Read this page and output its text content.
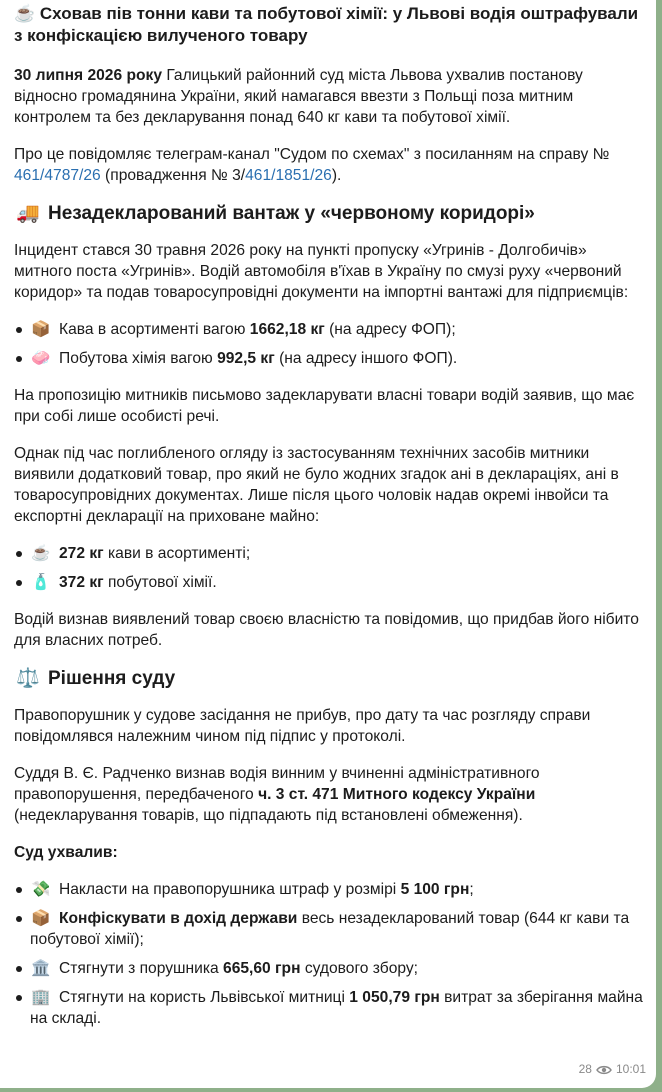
☕ Сховав пів тонни кави та побутової хімії: у Львові водія оштрафували з конфіскацією вилученого товару

30 липня 2026 року Галицький районний суд міста Львова ухвалив постанову відносно громадянина України, який намагався ввезти з Польщі поза митним контролем та без декларування понад 640 кг кави та побутової хімії.

Про це повідомляє телеграм-канал "Судом по схемах" з посиланням на справу № 461/4787/26 (провадження № 3/461/1851/26).

🚚 Незадекларований вантаж у «червоному коридорі»

Інцидент стався 30 травня 2026 року на пункті пропуску «Угринів - Долгобичів» митного поста «Угринів». Водій автомобіля в'їхав в Україну по смузі руху «червоний коридор» та подав товаросупровідні документи на імпортні вантажі для підприємців:

📦 Кава в асортименті вагою 1662,18 кг (на адресу ФОП);
🧼 Побутова хімія вагою 992,5 кг (на адресу іншого ФОП).

На пропозицію митників письмово задекларувати власні товари водій заявив, що має при собі лише особисті речі.

Однак під час поглибленого огляду із застосуванням технічних засобів митники виявили додатковий товар, про який не було жодних згадок ані в деклараціях, ані в товаросупровідних документах. Лише після цього чоловік надав окремі інвойси та експортні декларації на приховане майно:

☕ 272 кг кави в асортименті;
🧴 372 кг побутової хімії.

Водій визнав виявлений товар своєю власністю та повідомив, що придбав його нібито для власних потреб.

⚖️ Рішення суду

Правопорушник у судове засідання не прибув, про дату та час розгляду справи повідомлявся належним чином під підпис у протоколі.

Суддя В. Є. Радченко визнав водія винним у вчиненні адміністративного правопорушення, передбаченого ч. 3 ст. 471 Митного кодексу України (недекларування товарів, що підпадають під встановлені обмеження).

Суд ухвалив:

💸 Накласти на правопорушника штраф у розмірі 5 100 грн;
📦 Конфіскувати в дохід держави весь незадекларований товар (644 кг кави та побутової хімії);
🏛️ Стягнути з порушника 665,60 грн судового збору;
🏢 Стягнути на користь Львівської митниці 1 050,79 грн витрат за зберігання майна на складі.
28 10:01
